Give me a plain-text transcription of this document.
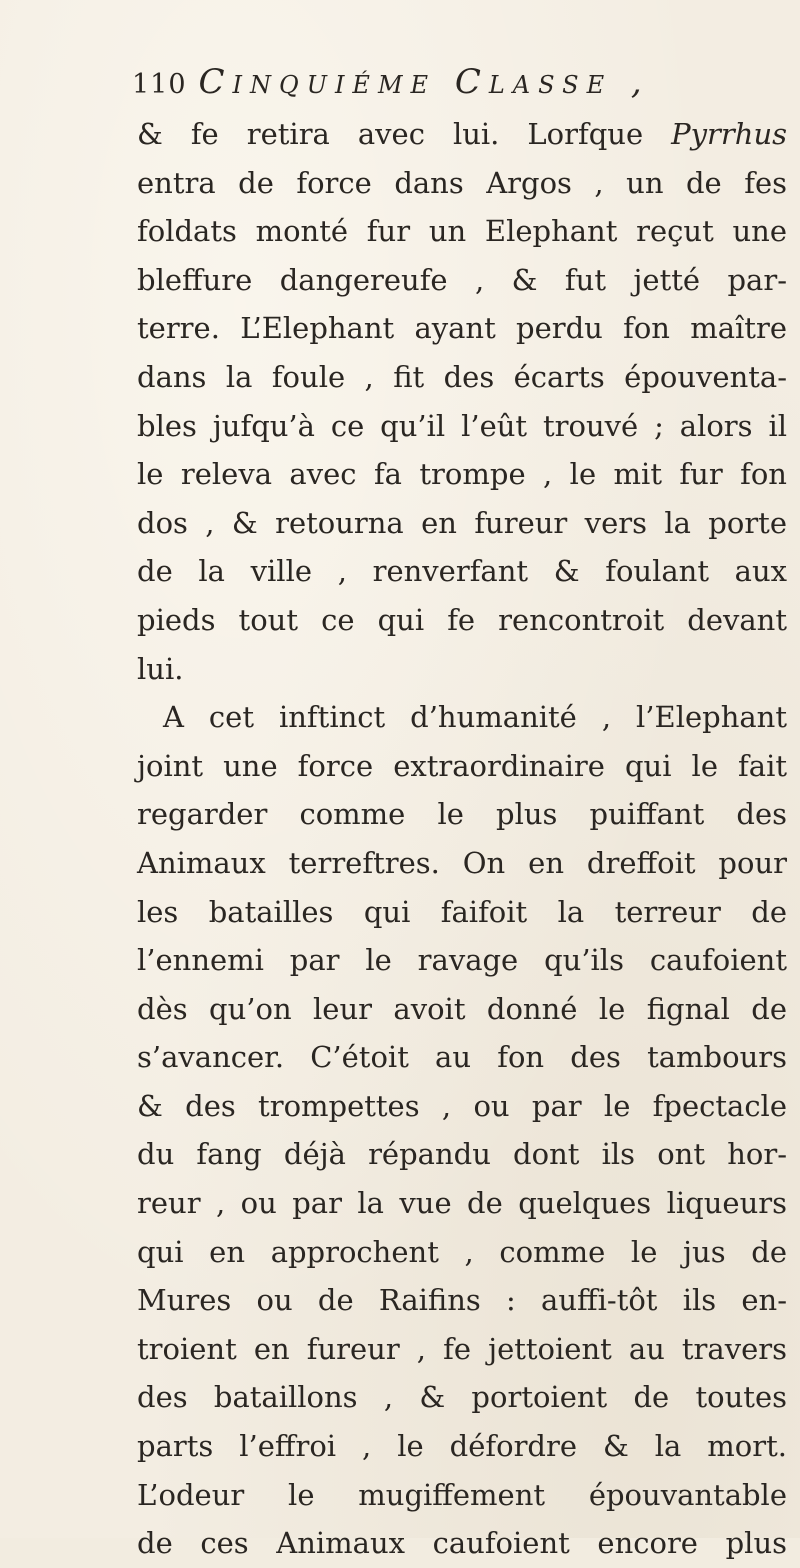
110 Cinquiéme Classe ,
& fe retira avec lui. Lorfque Pyrrhus
entra de force dans Argos , un de fes
foldats monté fur un Elephant reçut une
bleffure dangereufe , & fut jetté par-
terre. L’Elephant ayant perdu fon maître
dans la foule , fit des écarts épouventa-
bles jufqu’à ce qu’il l’eût trouvé ; alors il
le releva avec fa trompe , le mit fur fon
dos , & retourna en fureur vers la porte
de la ville , renverfant & foulant aux
pieds tout ce qui fe rencontroit devant
lui.
A cet inftinct d’humanité , l’Elephant
joint une force extraordinaire qui le fait
regarder comme le plus puiffant des
Animaux terreftres. On en dreffoit pour
les batailles qui faifoit la terreur de
l’ennemi par le ravage qu’ils caufoient
dès qu’on leur avoit donné le fignal de
s’avancer. C’étoit au fon des tambours
& des trompettes , ou par le fpectacle
du fang déjà répandu dont ils ont hor-
reur , ou par la vue de quelques liqueurs
qui en approchent , comme le jus de
Mures ou de Raifins : auffi-tôt ils en-
troient en fureur , fe jettoient au travers
des bataillons , & portoient de toutes
parts l’effroi , le défordre & la mort.
L’odeur le mugiffement épouvantable
de ces Animaux caufoient encore plus
